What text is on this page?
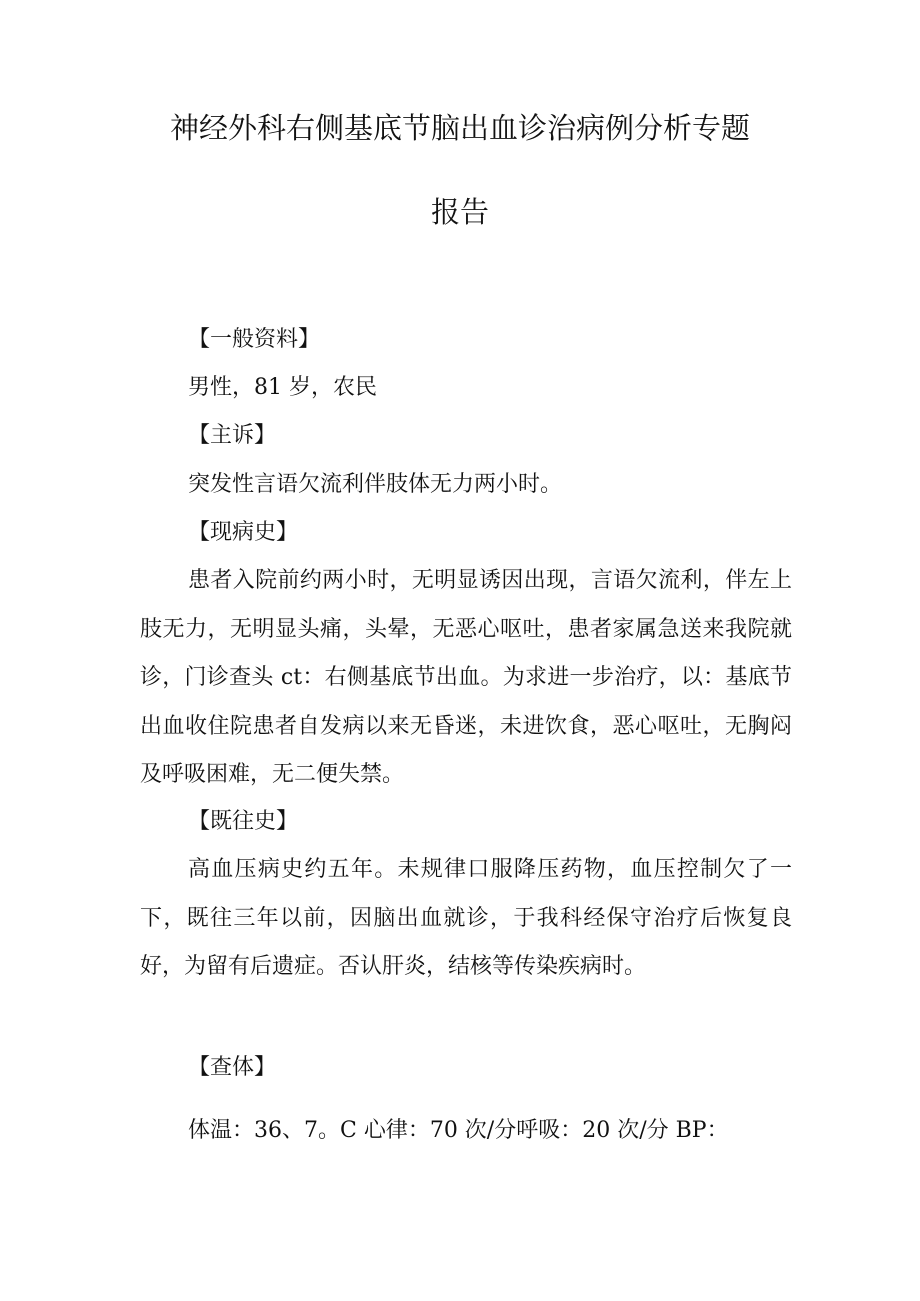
神经外科右侧基底节脑出血诊治病例分析专题
报告
【一般资料】
男性，81 岁，农民
【主诉】
突发性言语欠流利伴肢体无力两小时。
【现病史】
患者入院前约两小时，无明显诱因出现，言语欠流利，伴左上肢无力，无明显头痛，头晕，无恶心呕吐，患者家属急送来我院就诊，门诊查头 ct：右侧基底节出血。为求进一步治疗，以：基底节出血收住院患者自发病以来无昏迷，未进饮食，恶心呕吐，无胸闷及呼吸困难，无二便失禁。
【既往史】
高血压病史约五年。未规律口服降压药物，血压控制欠了一下，既往三年以前，因脑出血就诊，于我科经保守治疗后恢复良好，为留有后遗症。否认肝炎，结核等传染疾病时。
【查体】
体温：36、7。C 心律：70 次/分呼吸：20 次/分 BP：
